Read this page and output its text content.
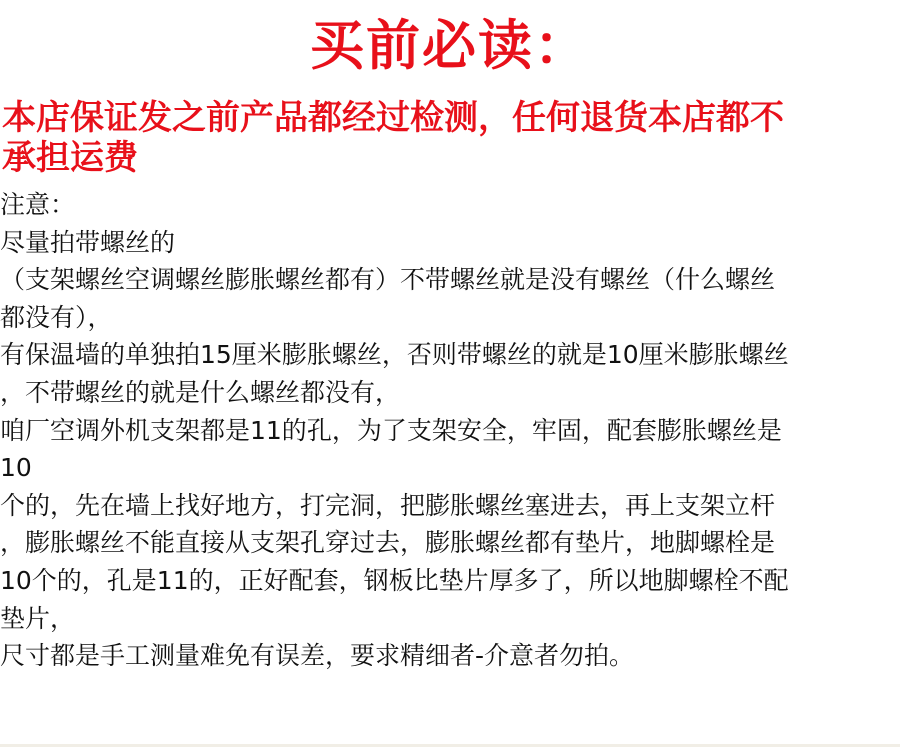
买前必读：
本店保证发之前产品都经过检测，任何退货本店都不
承担运费
注意：
尽量拍带螺丝的
（支架螺丝空调螺丝膨胀螺丝都有）不带螺丝就是没有螺丝（什么螺丝
都没有），
有保温墙的单独拍15厘米膨胀螺丝，否则带螺丝的就是10厘米膨胀螺丝
，不带螺丝的就是什么螺丝都没有，
咱厂空调外机支架都是11的孔，为了支架安全，牢固，配套膨胀螺丝是
10
个的，先在墙上找好地方，打完洞，把膨胀螺丝塞进去，再上支架立杆
，膨胀螺丝不能直接从支架孔穿过去，膨胀螺丝都有垫片，地脚螺栓是
10个的，孔是11的，正好配套，钢板比垫片厚多了，所以地脚螺栓不配
垫片，
尺寸都是手工测量难免有误差，要求精细者-介意者勿拍。
